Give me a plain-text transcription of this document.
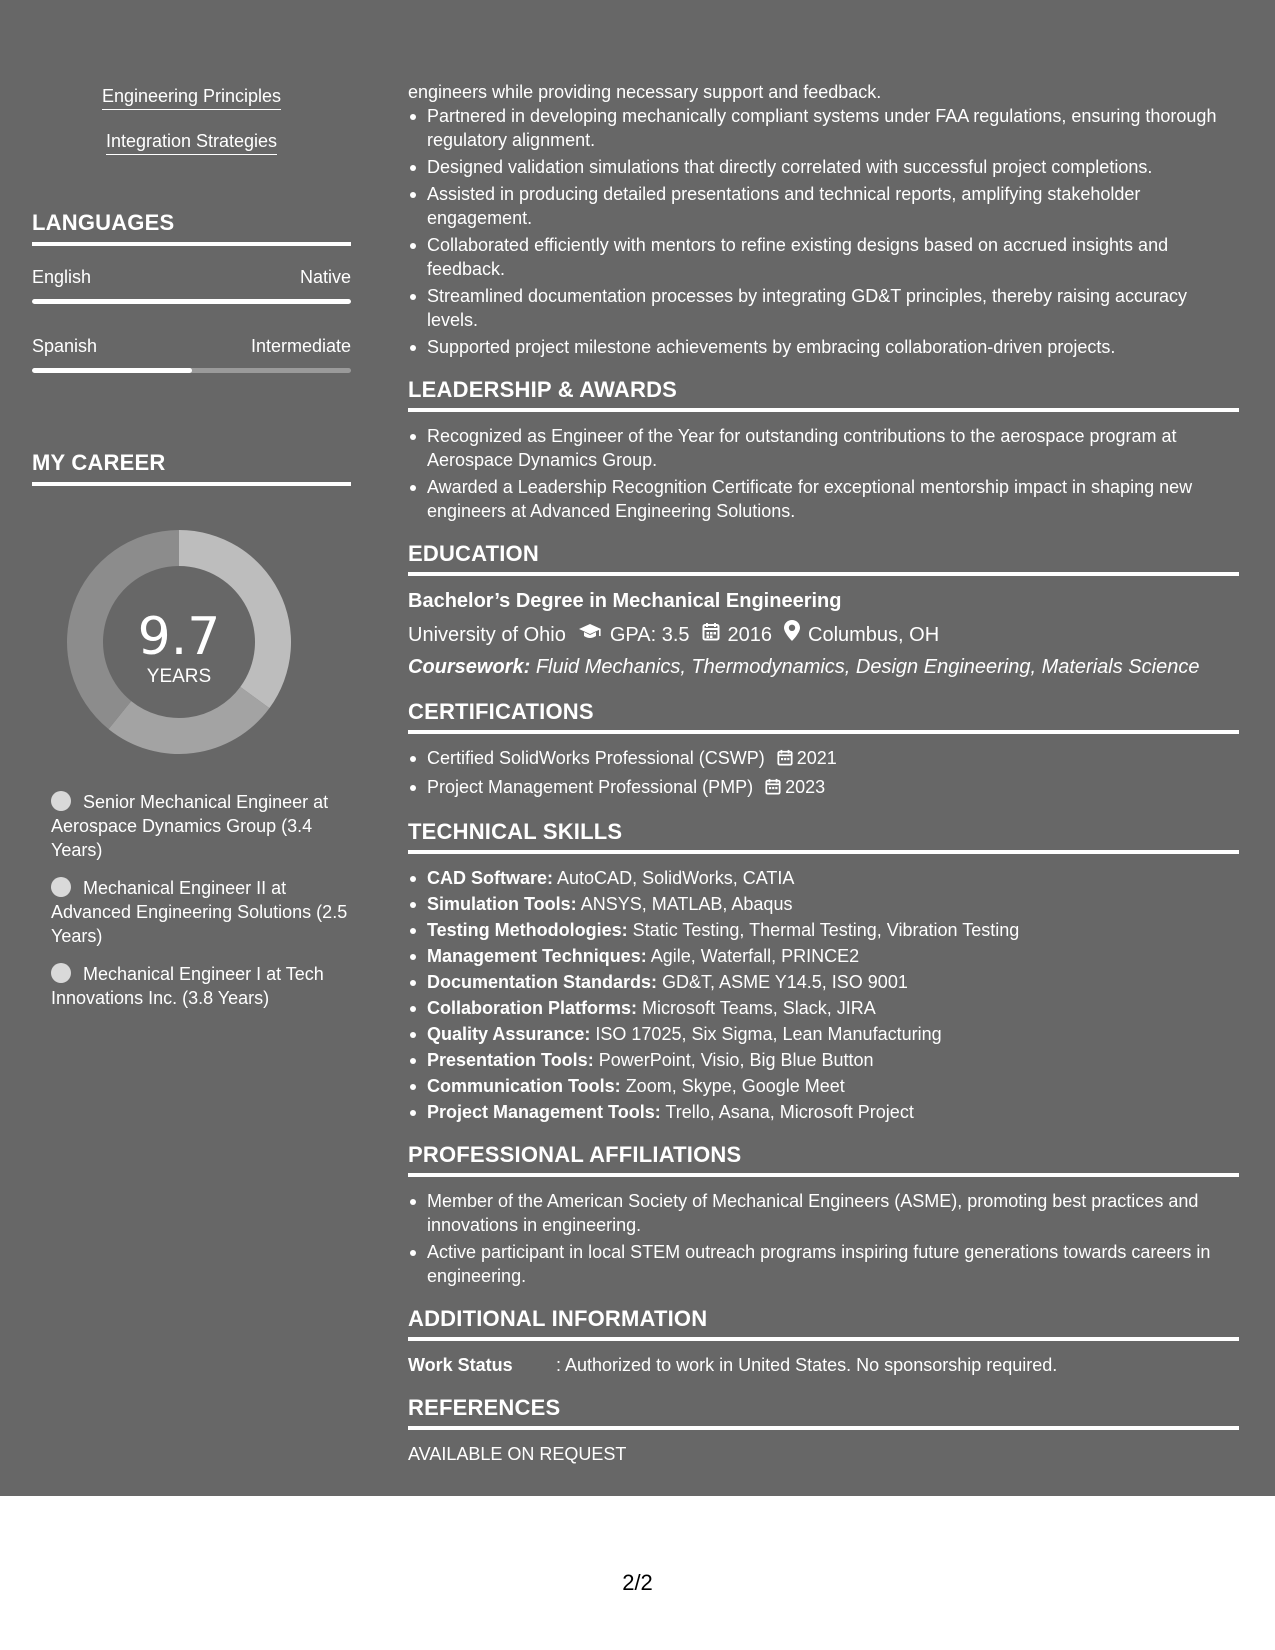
Engineering Principles
Integration Strategies
LANGUAGES
English	Native
Spanish	Intermediate
MY CAREER
9.7
YEARS
Senior Mechanical Engineer at Aerospace Dynamics Group (3.4 Years)
Mechanical Engineer II at Advanced Engineering Solutions (2.5 Years)
Mechanical Engineer I at Tech Innovations Inc. (3.8 Years)

engineers while providing necessary support and feedback.

Partnered in developing mechanically compliant systems under FAA regulations, ensuring thorough regulatory alignment.
Designed validation simulations that directly correlated with successful project completions.
Assisted in producing detailed presentations and technical reports, amplifying stakeholder engagement.
Collaborated efficiently with mentors to refine existing designs based on accrued insights and feedback.
Streamlined documentation processes by integrating GD&T principles, thereby raising accuracy levels.
Supported project milestone achievements by embracing collaboration-driven projects.
LEADERSHIP & AWARDS
Recognized as Engineer of the Year for outstanding contributions to the aerospace program at Aerospace Dynamics Group.
Awarded a Leadership Recognition Certificate for exceptional mentorship impact in shaping new engineers at Advanced Engineering Solutions.
EDUCATION

Bachelor’s Degree in Mechanical Engineering

University of Ohio GPA: 3.5 2016 Columbus, OH

Coursework: Fluid Mechanics, Thermodynamics, Design Engineering, Materials Science

CERTIFICATIONS
Certified SolidWorks Professional (CSWP) 2021
Project Management Professional (PMP) 2023
TECHNICAL SKILLS
CAD Software: AutoCAD, SolidWorks, CATIA
Simulation Tools: ANSYS, MATLAB, Abaqus
Testing Methodologies: Static Testing, Thermal Testing, Vibration Testing
Management Techniques: Agile, Waterfall, PRINCE2
Documentation Standards: GD&T, ASME Y14.5, ISO 9001
Collaboration Platforms: Microsoft Teams, Slack, JIRA
Quality Assurance: ISO 17025, Six Sigma, Lean Manufacturing
Presentation Tools: PowerPoint, Visio, Big Blue Button
Communication Tools: Zoom, Skype, Google Meet
Project Management Tools: Trello, Asana, Microsoft Project
PROFESSIONAL AFFILIATIONS
Member of the American Society of Mechanical Engineers (ASME), promoting best practices and innovations in engineering.
Active participant in local STEM outreach programs inspiring future generations towards careers in engineering.
ADDITIONAL INFORMATION
Work Status	: Authorized to work in United States. No sponsorship required.
REFERENCES

AVAILABLE ON REQUEST

2/2
